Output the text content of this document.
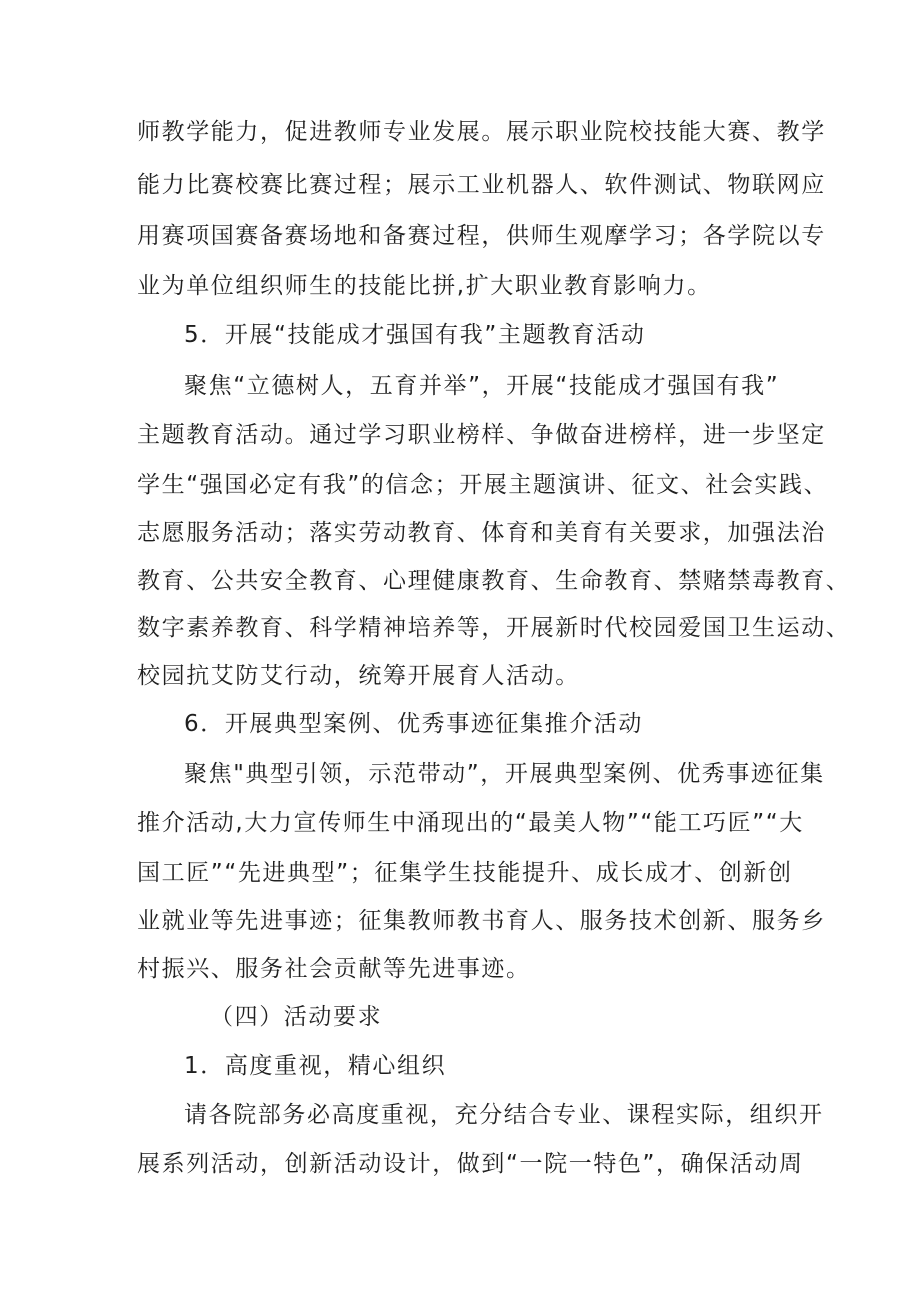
师教学能力，促进教师专业发展。展示职业院校技能大赛、教学
能力比赛校赛比赛过程；展示工业机器人、软件测试、物联网应
用赛项国赛备赛场地和备赛过程，供师生观摩学习；各学院以专
业为单位组织师生的技能比拼,扩大职业教育影响力。
5．开展“技能成才强国有我”主题教育活动
聚焦“立德树人，五育并举”，开展“技能成才强国有我”
主题教育活动。通过学习职业榜样、争做奋进榜样，进一步坚定
学生“强国必定有我”的信念；开展主题演讲、征文、社会实践、
志愿服务活动；落实劳动教育、体育和美育有关要求，加强法治
教育、公共安全教育、心理健康教育、生命教育、禁赌禁毒教育、
数字素养教育、科学精神培养等，开展新时代校园爱国卫生运动、
校园抗艾防艾行动，统筹开展育人活动。
6．开展典型案例、优秀事迹征集推介活动
聚焦"典型引领，示范带动”，开展典型案例、优秀事迹征集
推介活动,大力宣传师生中涌现出的“最美人物”“能工巧匠”“大
国工匠”“先进典型”；征集学生技能提升、成长成才、创新创
业就业等先进事迹；征集教师教书育人、服务技术创新、服务乡
村振兴、服务社会贡献等先进事迹。
（四）活动要求
1．高度重视，精心组织
请各院部务必高度重视，充分结合专业、课程实际，组织开
展系列活动，创新活动设计，做到“一院一特色”，确保活动周
